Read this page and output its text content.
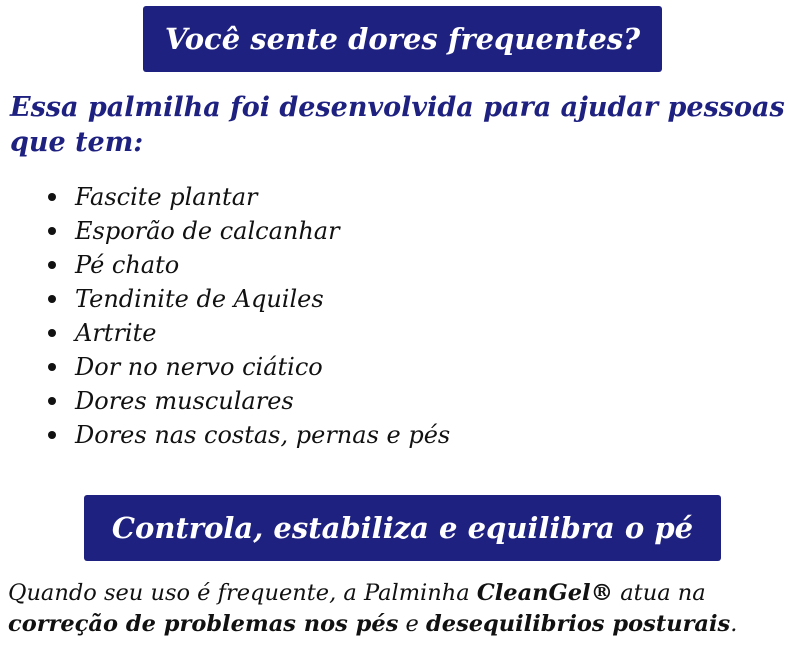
Você sente dores frequentes?

Essa palmilha foi desenvolvida para ajudar pessoas que tem:

Fascite plantar
Esporão de calcanhar
Pé chato
Tendinite de Aquiles
Artrite
Dor no nervo ciático
Dores musculares
Dores nas costas, pernas e pés
Controla, estabiliza e equilibra o pé

Quando seu uso é frequente, a Palminha CleanGel® atua na correção de problemas nos pés e desequilibrios posturais.
